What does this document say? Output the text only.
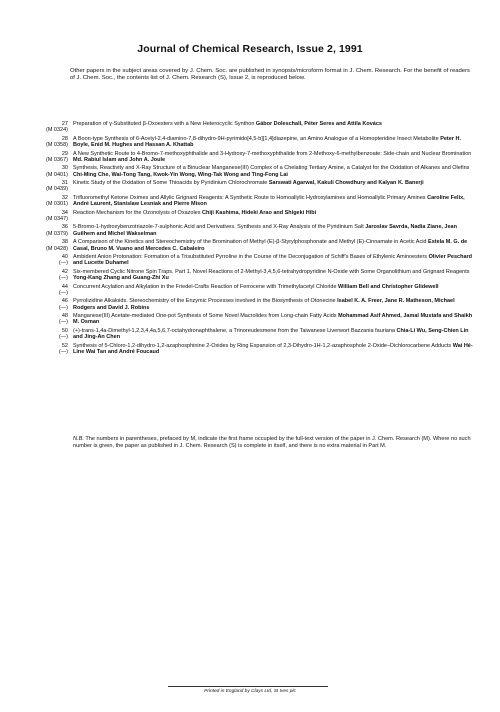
Journal of Chemical Research, Issue 2, 1991
Other papers in the subject areas covered by J. Chem. Soc. are published in synopsis/microform format in J. Chem. Research. For the benefit of readers of J. Chem. Soc., the contents list of J. Chem. Research (S), Issue 2, is reproduced below.
27
(M 0324)
Preparation of γ-Substituted β-Oxoesters with a New Heterocyclic Synthon Gábor Doleschall, Péter Seres and Attila Kovács
28
(M 0358)
A Boon-type Synthesis of 6-Acetyl-2,4-diamino-7,8-dihydro-9H-pyrimido[4,5-b][1,4]diazepine, an Amino Analogue of a Homopteridine Insect Metabolite Peter H. Boyle, Enid M. Hughes and Hassan A. Khattab
29
(M 0367)
A New Synthetic Route to 4-Bromo-7-methoxyphthalide and 3-Hydroxy-7-methoxyphthalide from 2-Methoxy-6-methylbenzoate: Side-chain and Nuclear Bromination Md. Rabiul Islam and John A. Joule
30
(M 0401)
Synthesis, Reactivity and X-Ray Structure of a Binuclear Manganese(III) Complex of a Chelating Tertiary Amine, a Catalyst for the Oxidation of Alkanes and Olefins Chi-Ming Che, Wai-Tong Tang, Kwok-Yin Wong, Wing-Tak Wong and Ting-Fong Lai
31
(M 0439)
Kinetic Study of the Oxidation of Some Thioacids by Pyridinium Chlorochromate Sarswati Agarwal, Kakuli Chowdhury and Kalyan K. Banerji
32
(M 0301)
Trifluoromethyl Ketone Oximes and Allylic Grignard Reagents: A Synthetic Route to Homoallylic Hydroxylamines and Homoallylic Primary Amines Caroline Felix, André Laurent, Stanislaw Lesniak and Pierre Mison
34
(M 0347)
Reaction Mechanism for the Ozonolysis of Oxazoles Chiji Kashima, Hideki Arao and Shigeki Hibi
36
(M 0379)
5-Bromo-1-hydroxybenzotriazole-7-sulphonic Acid and Derivatives. Synthesis and X-Ray Analysis of the Pyridinium Salt Jaroslav Savrda, Nadia Ziane, Jean Guilhem and Michel Wakselman
38
(M 0428)
A Comparison of the Kinetics and Stereochemistry of the Bromination of Methyl (E)-β-Styrylphosphonate and Methyl (E)-Cinnamate in Acetic Acid Estela M. G. de Casal, Bruno M. Vuano and Mercedes C. Cabaleiro
40
(—)
Ambident Anion Protonation: Formation of a Trisubstituted Pyrroline in the Course of the Deconjugation of Schiff's Bases of Ethylenic Aminoesters Olivier Peschard and Lucette Duhamel
42
(—)
Six-membered Cyclic Nitrone Spin Traps. Part 1. Novel Reactions of 2-Methyl-3,4,5,6-tetrahydropyridine N-Oxide with Some Organolithium and Grignard Reagents Yong-Kang Zhang and Guang-Zhi Xu
44
(—)
Concurrent Acylation and Alkylation in the Friedel-Crafts Reaction of Ferrocene with Trimethylacetyl Chloride William Bell and Christopher Glidewell
46
(—)
Pyrrolizidine Alkaloids. Stereochemistry of the Enzymic Processes involved in the Biosynthesis of Otonecine Isabel K. A. Freer, Jane R. Matheson, Michael Rodgers and David J. Robins
48
(—)
Manganese(III) Acetate-mediated One-pot Synthesis of Some Novel Macrolides from Long-chain Fatty Acids Mohammad Asif Ahmed, Jamal Mustafa and Shaikh M. Osman
50
(—)
(+)-trans-1,4a-Dimethyl-1,2,3,4,4a,5,6,7-octahydronaphthalene, a Trinoreudesmene from the Taiwanese Liverwort Bazzania fauriana Chia-Li Wu, Seng-Chien Lin and Jing-An Chen
52
(—)
Synthesis of 5-Chloro-1,2-dihydro-1,2-azaphosphinine 2-Oxides by Ring Expansion of 2,3-Dihydro-1H-1,2-azaphosphole 2-Oxide–Dichlorocarbene Adducts Wai Hé-Line Wai Tan and André Foucaud
N.B. The numbers in parentheses, prefaced by M, indicate the first frame occupied by the full-text version of the paper in J. Chem. Research (M). Where no such number is given, the paper as published in J. Chem. Research (S) is complete in itself, and there is no extra material in Part M.
Printed in England by Clays Ltd, St Ives plc
